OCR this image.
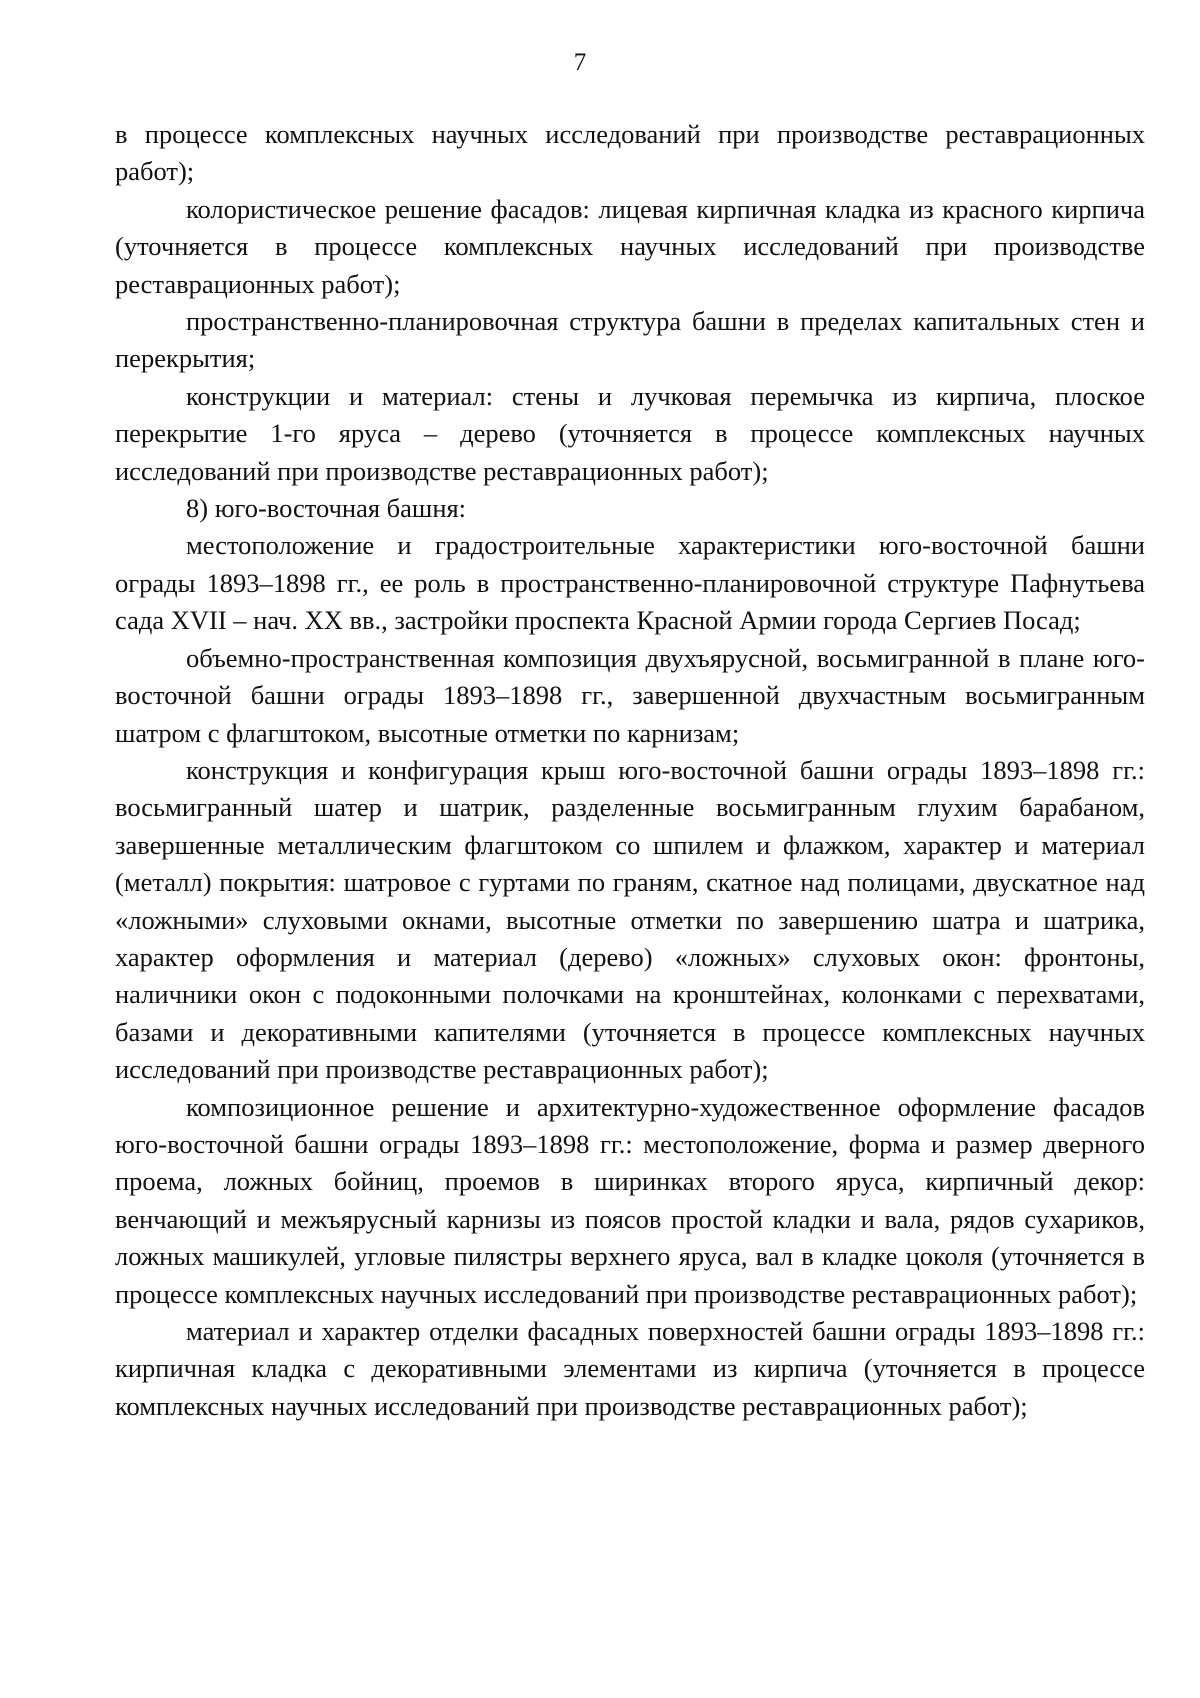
7

в процессе комплексных научных исследований при производстве реставрационных работ);

колористическое решение фасадов: лицевая кирпичная кладка из красного кирпича (уточняется в процессе комплексных научных исследований при производстве реставрационных работ);

пространственно-планировочная структура башни в пределах капитальных стен и перекрытия;

конструкции и материал: стены и лучковая перемычка из кирпича, плоское перекрытие 1-го яруса – дерево (уточняется в процессе комплексных научных исследований при производстве реставрационных работ);

8) юго-восточная башня:

местоположение и градостроительные характеристики юго-восточной башни ограды 1893–1898 гг., ее роль в пространственно-планировочной структуре Пафнутьева сада XVII – нач. XX вв., застройки проспекта Красной Армии города Сергиев Посад;

объемно-пространственная композиция двухъярусной, восьмигранной в плане юго-восточной башни ограды 1893–1898 гг., завершенной двухчастным восьмигранным шатром с флагштоком, высотные отметки по карнизам;

конструкция и конфигурация крыш юго-восточной башни ограды 1893–1898 гг.: восьмигранный шатер и шатрик, разделенные восьмигранным глухим барабаном, завершенные металлическим флагштоком со шпилем и флажком, характер и материал (металл) покрытия: шатровое с гуртами по граням, скатное над полицами, двускатное над «ложными» слуховыми окнами, высотные отметки по завершению шатра и шатрика, характер оформления и материал (дерево) «ложных» слуховых окон: фронтоны, наличники окон с подоконными полочками на кронштейнах, колонками с перехватами, базами и декоративными капителями (уточняется в процессе комплексных научных исследований при производстве реставрационных работ);

композиционное решение и архитектурно-художественное оформление фасадов юго-восточной башни ограды 1893–1898 гг.: местоположение, форма и размер дверного проема, ложных бойниц, проемов в ширинках второго яруса, кирпичный декор: венчающий и межъярусный карнизы из поясов простой кладки и вала, рядов сухариков, ложных машикулей, угловые пилястры верхнего яруса, вал в кладке цоколя (уточняется в процессе комплексных научных исследований при производстве реставрационных работ);

материал и характер отделки фасадных поверхностей башни ограды 1893–1898 гг.: кирпичная кладка с декоративными элементами из кирпича (уточняется в процессе комплексных научных исследований при производстве реставрационных работ);
